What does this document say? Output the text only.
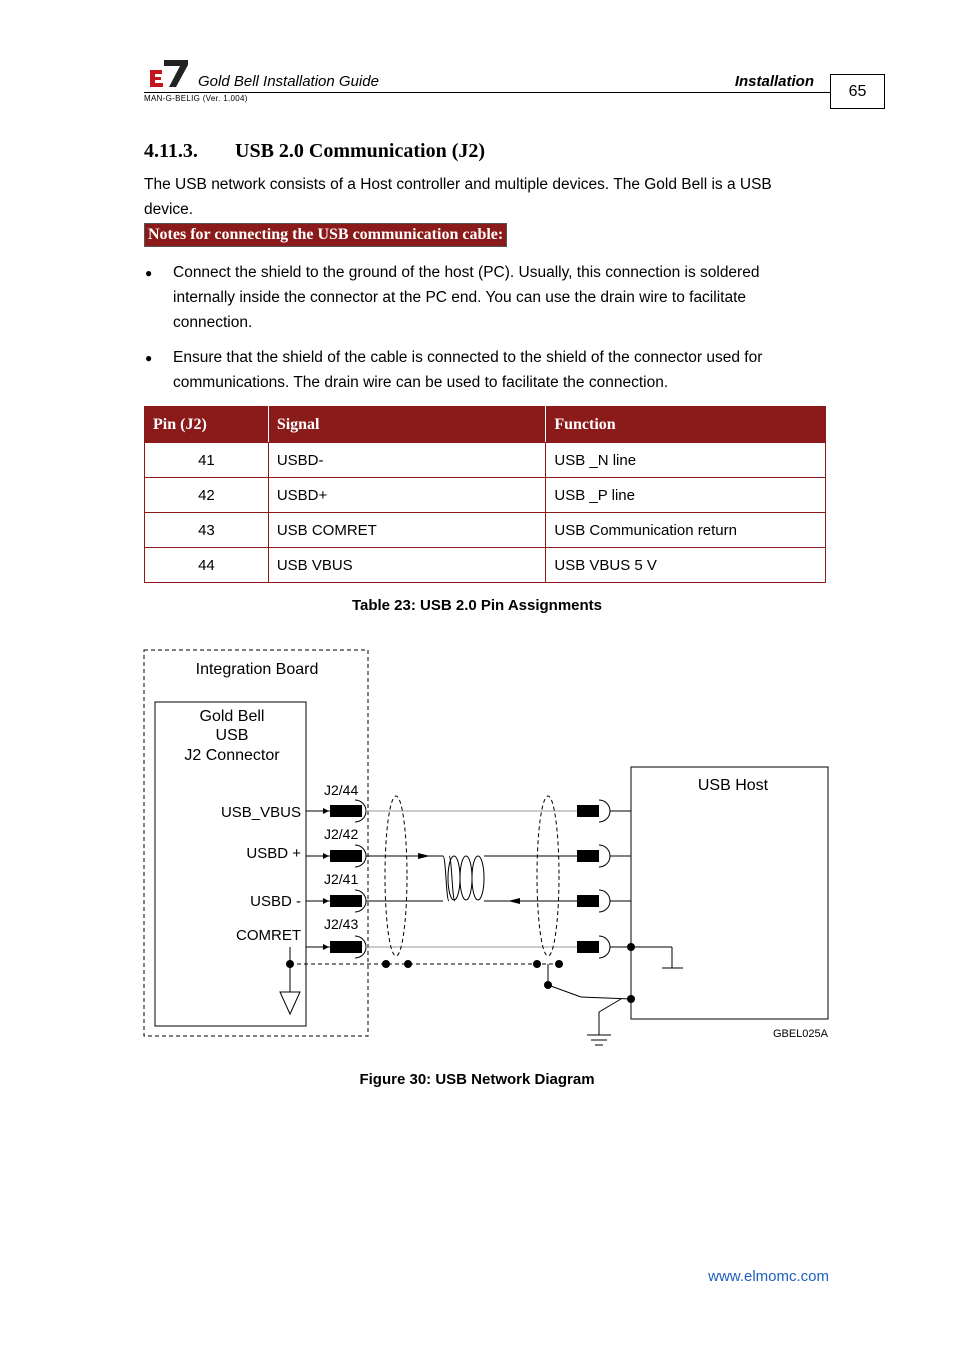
Gold Bell Installation Guide	Installation
MAN-G-BELIG (Ver. 1.004)	65
4.11.3. USB 2.0 Communication (J2)
The USB network consists of a Host controller and multiple devices. The Gold Bell is a USB device.
Notes for connecting the USB communication cable:
● Connect the shield to the ground of the host (PC). Usually, this connection is soldered internally inside the connector at the PC end. You can use the drain wire to facilitate connection.
● Ensure that the shield of the cable is connected to the shield of the connector used for communications. The drain wire can be used to facilitate the connection.
Pin (J2)	Signal	Function
41	USBD-	USB _N line
42	USBD+	USB _P line
43	USB COMRET	USB Communication return
44	USB VBUS	USB VBUS 5 V
Table 23: USB 2.0 Pin Assignments
Integration Board
Gold Bell
USB
J2 Connector
USB_VBUS
USBD +
USBD -
COMRET
J2/44
J2/42
J2/41
J2/43
USB Host
GBEL025A
Figure 30: USB Network Diagram
www.elmomc.com
